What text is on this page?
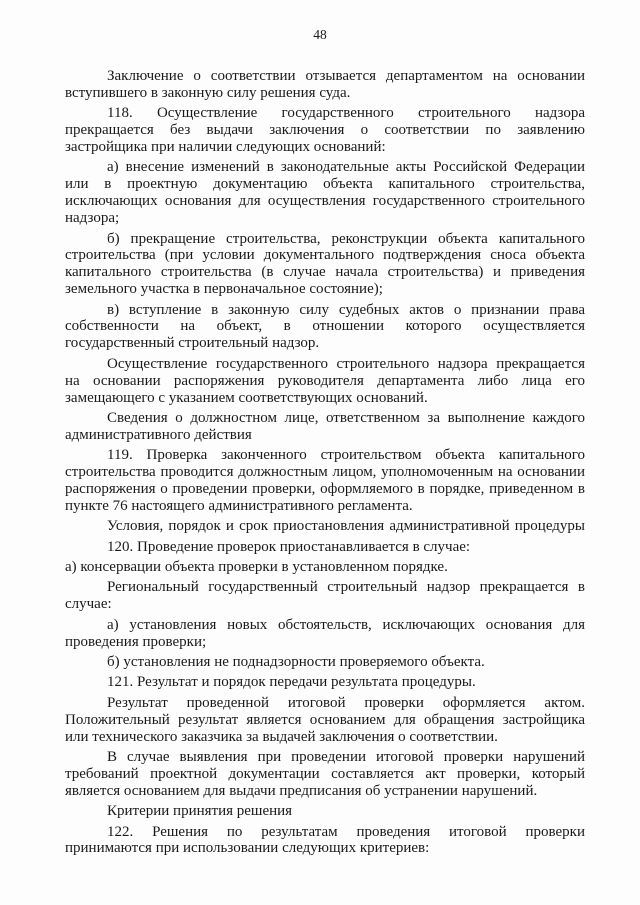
48
Заключение о соответствии отзывается департаментом на основании
вступившего в законную силу решения суда.
118. Осуществление государственного строительного надзора
прекращается без выдачи заключения о соответствии по заявлению
застройщика при наличии следующих оснований:
а) внесение изменений в законодательные акты Российской Федерации
или в проектную документацию объекта капитального строительства,
исключающих основания для осуществления государственного строительного
надзора;
б) прекращение строительства, реконструкции объекта капитального
строительства (при условии документального подтверждения сноса объекта
капитального строительства (в случае начала строительства) и приведения
земельного участка в первоначальное состояние);
в) вступление в законную силу судебных актов о признании права
собственности на объект, в отношении которого осуществляется
государственный строительный надзор.
Осуществление государственного строительного надзора прекращается
на основании распоряжения руководителя департамента либо лица его
замещающего с указанием соответствующих оснований.
Сведения о должностном лице, ответственном за выполнение каждого
административного действия
119. Проверка законченного строительством объекта капитального
строительства проводится должностным лицом, уполномоченным на основании
распоряжения о проведении проверки, оформляемого в порядке, приведенном в
пункте 76 настоящего административного регламента.
Условия, порядок и срок приостановления административной процедуры
120. Проведение проверок приостанавливается в случае:
а) консервации объекта проверки в установленном порядке.
Региональный государственный строительный надзор прекращается в
случае:
а) установления новых обстоятельств, исключающих основания для
проведения проверки;
б) установления не поднадзорности проверяемого объекта.
121. Результат и порядок передачи результата процедуры.
Результат проведенной итоговой проверки оформляется актом.
Положительный результат является основанием для обращения застройщика
или технического заказчика за выдачей заключения о соответствии.
В случае выявления при проведении итоговой проверки нарушений
требований проектной документации составляется акт проверки, который
является основанием для выдачи предписания об устранении нарушений.
Критерии принятия решения
122. Решения по результатам проведения итоговой проверки
принимаются при использовании следующих критериев:
